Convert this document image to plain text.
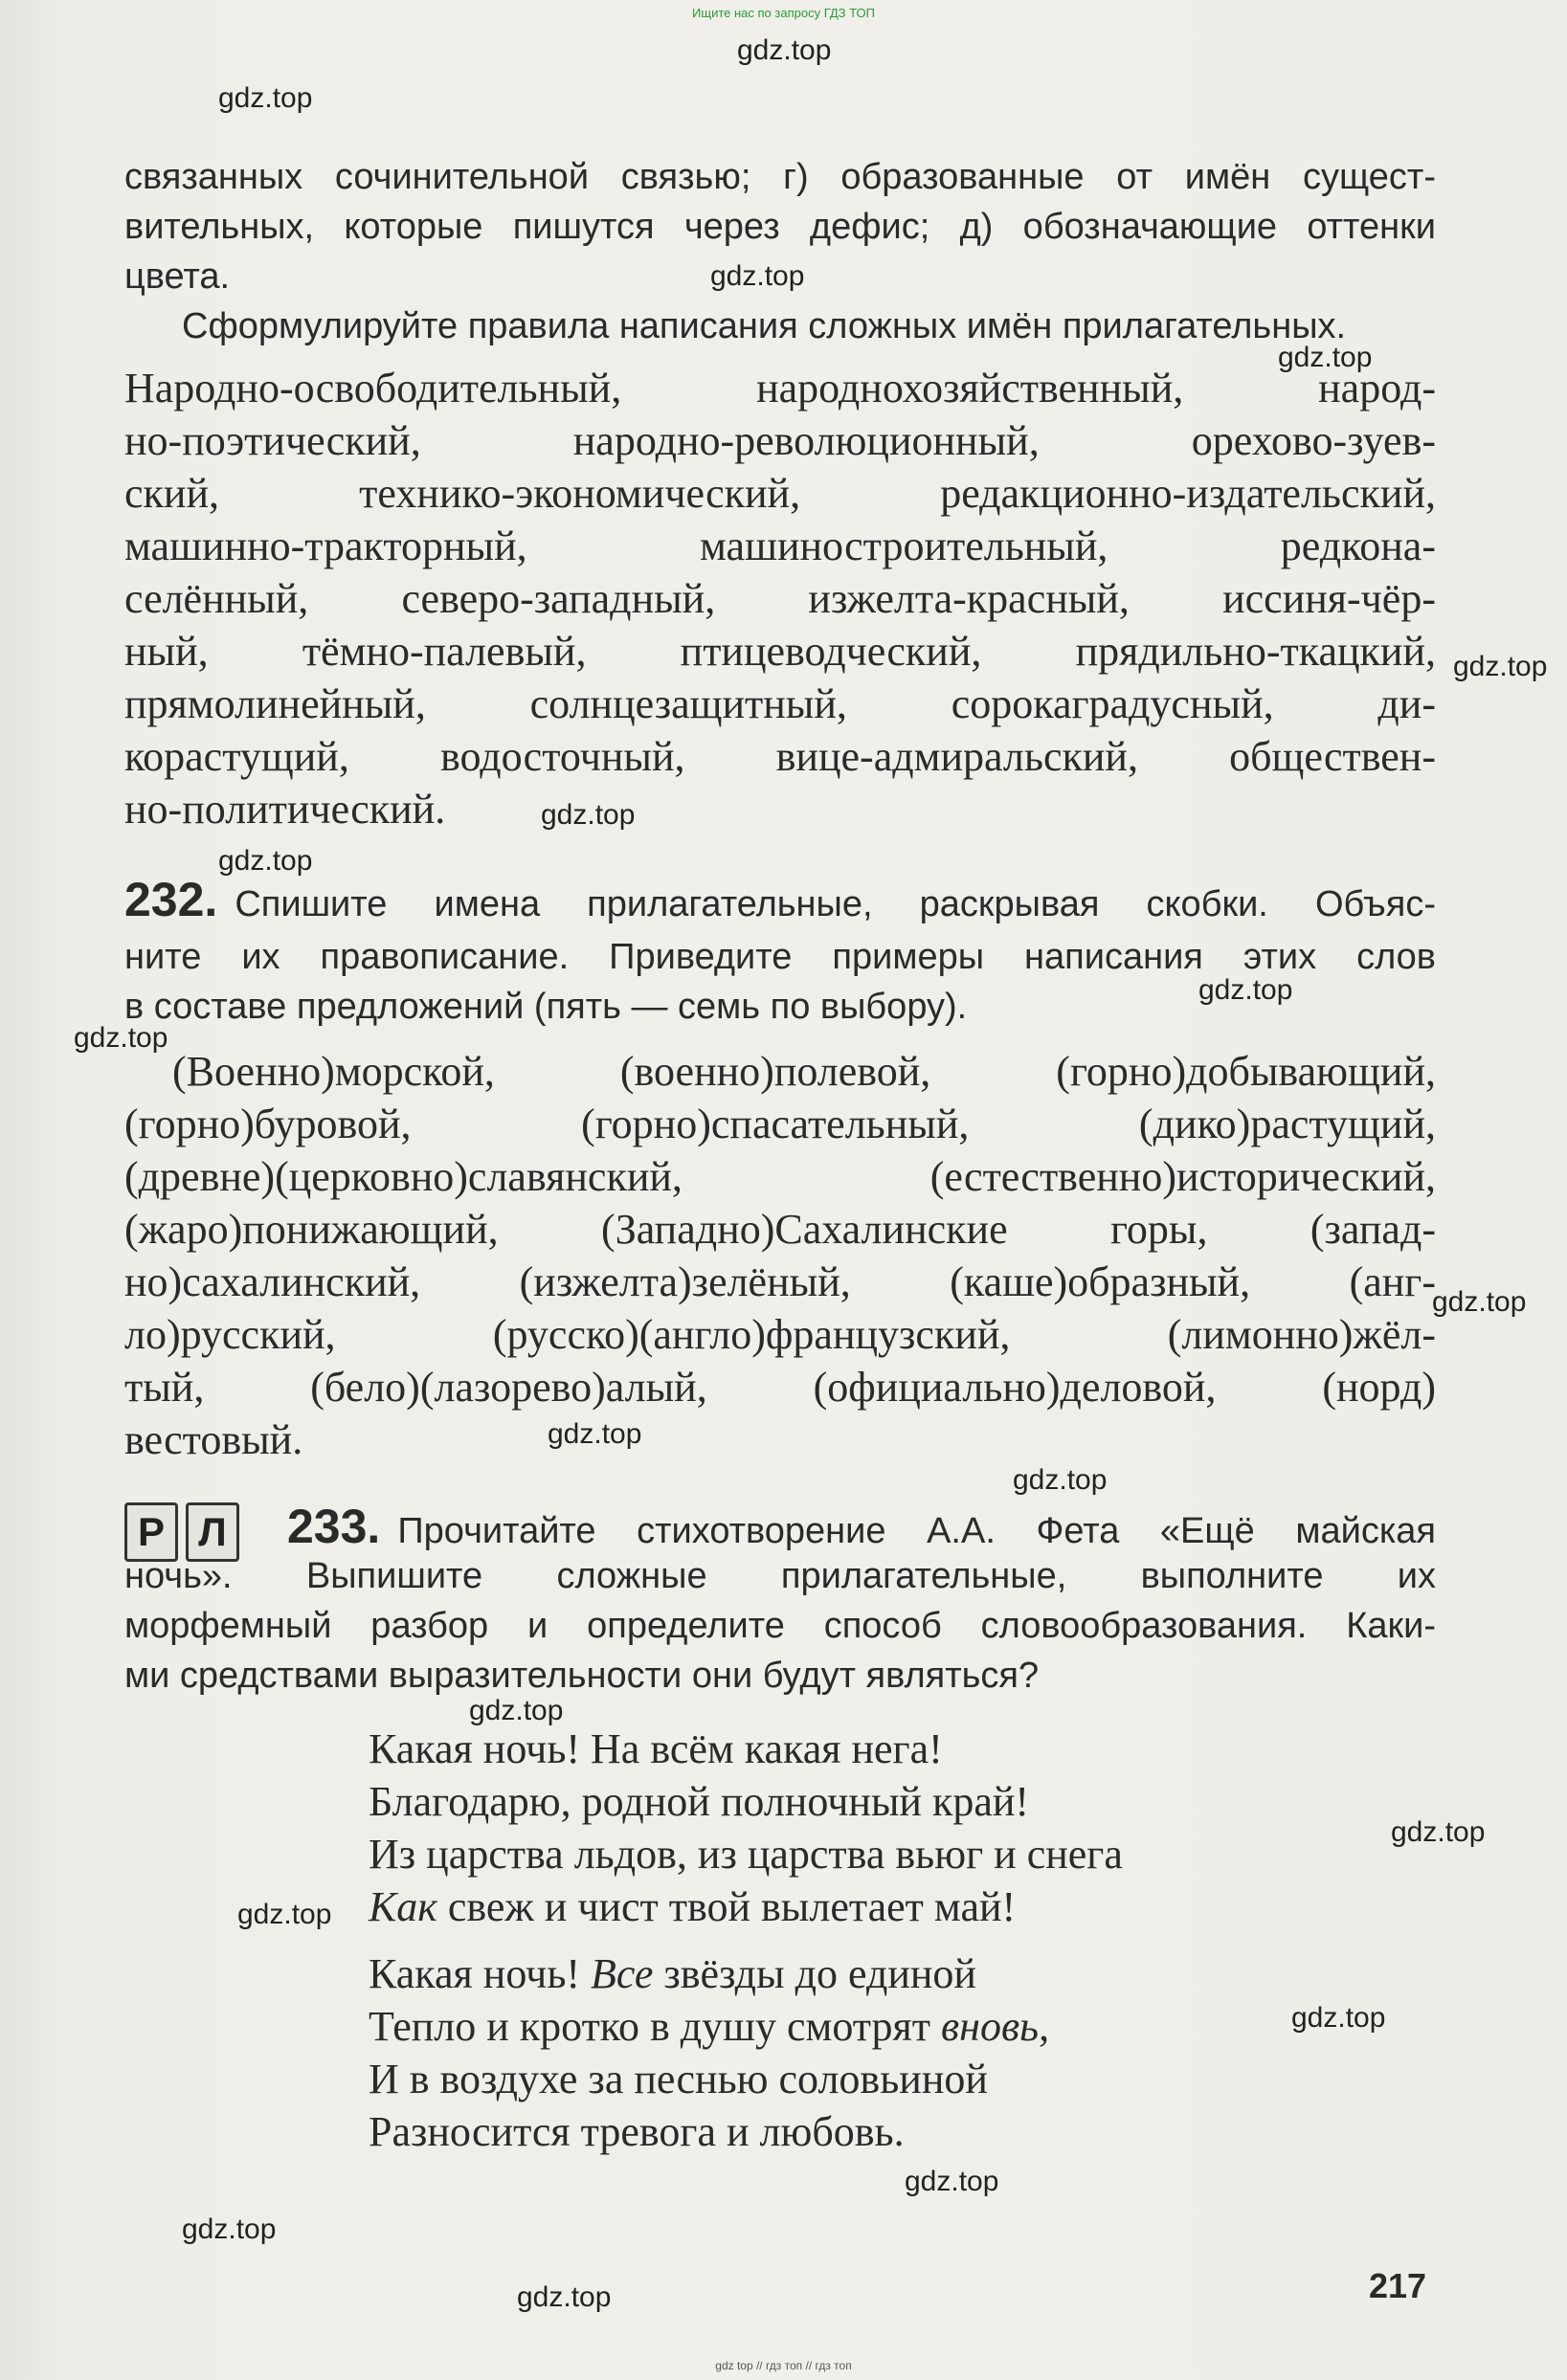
Ищите нас по запросу ГДЗ ТОП
gdz.top
gdz.top
gdz.top
gdz.top
gdz.top
gdz.top
gdz.top
gdz.top
gdz.top
gdz.top
gdz.top
gdz.top
gdz.top
gdz.top
gdz.top
gdz.top
gdz.top
gdz.top
gdz.top
связанных сочинительной связью; г) образованные от имён сущест-
вительных, которые пишутся через дефис; д) обозначающие оттенки
цвета.
Сформулируйте правила написания сложных имён прилагательных.
Народно-освободительный, народнохозяйственный, народ-
но-поэтический, народно-революционный, орехово-зуев-
ский, технико-экономический, редакционно-издательский,
машинно-тракторный, машиностроительный, редкона-
селённый, северо-западный, изжелта-красный, иссиня-чёр-
ный, тёмно-палевый, птицеводческий, прядильно-ткацкий,
прямолинейный, солнцезащитный, сорокаградусный, ди-
корастущий, водосточный, вице-адмиральский, обществен-
но-политический.
232. Спишите имена прилагательные, раскрывая скобки. Объяс-
ните их правописание. Приведите примеры написания этих слов
в составе предложений (пять — семь по выбору).
(Военно)морской, (военно)полевой, (горно)добывающий,
(горно)буровой, (горно)спасательный, (дико)растущий,
(древне)(церковно)славянский, (естественно)исторический,
(жаро)понижающий, (Западно)Сахалинские горы, (запад-
но)сахалинский, (изжелта)зелёный, (каше)образный, (анг-
ло)русский, (русско)(англо)французский, (лимонно)жёл-
тый, (бело)(лазорево)алый, (официально)деловой, (норд)
вестовый.
Р Л	233. Прочитайте стихотворение А.А. Фета «Ещё майская
ночь». Выпишите сложные прилагательные, выполните их
морфемный разбор и определите способ словообразования. Каки-
ми средствами выразительности они будут являться?
Какая ночь! На всём какая нега!
Благодарю, родной полночный край!
Из царства льдов, из царства вьюг и снега
Как свеж и чист твой вылетает май!
Какая ночь! Все звёзды до единой
Тепло и кротко в душу смотрят вновь,
И в воздухе за песнью соловьиной
Разносится тревога и любовь.
217
gdz top // гдз топ // гдз топ
